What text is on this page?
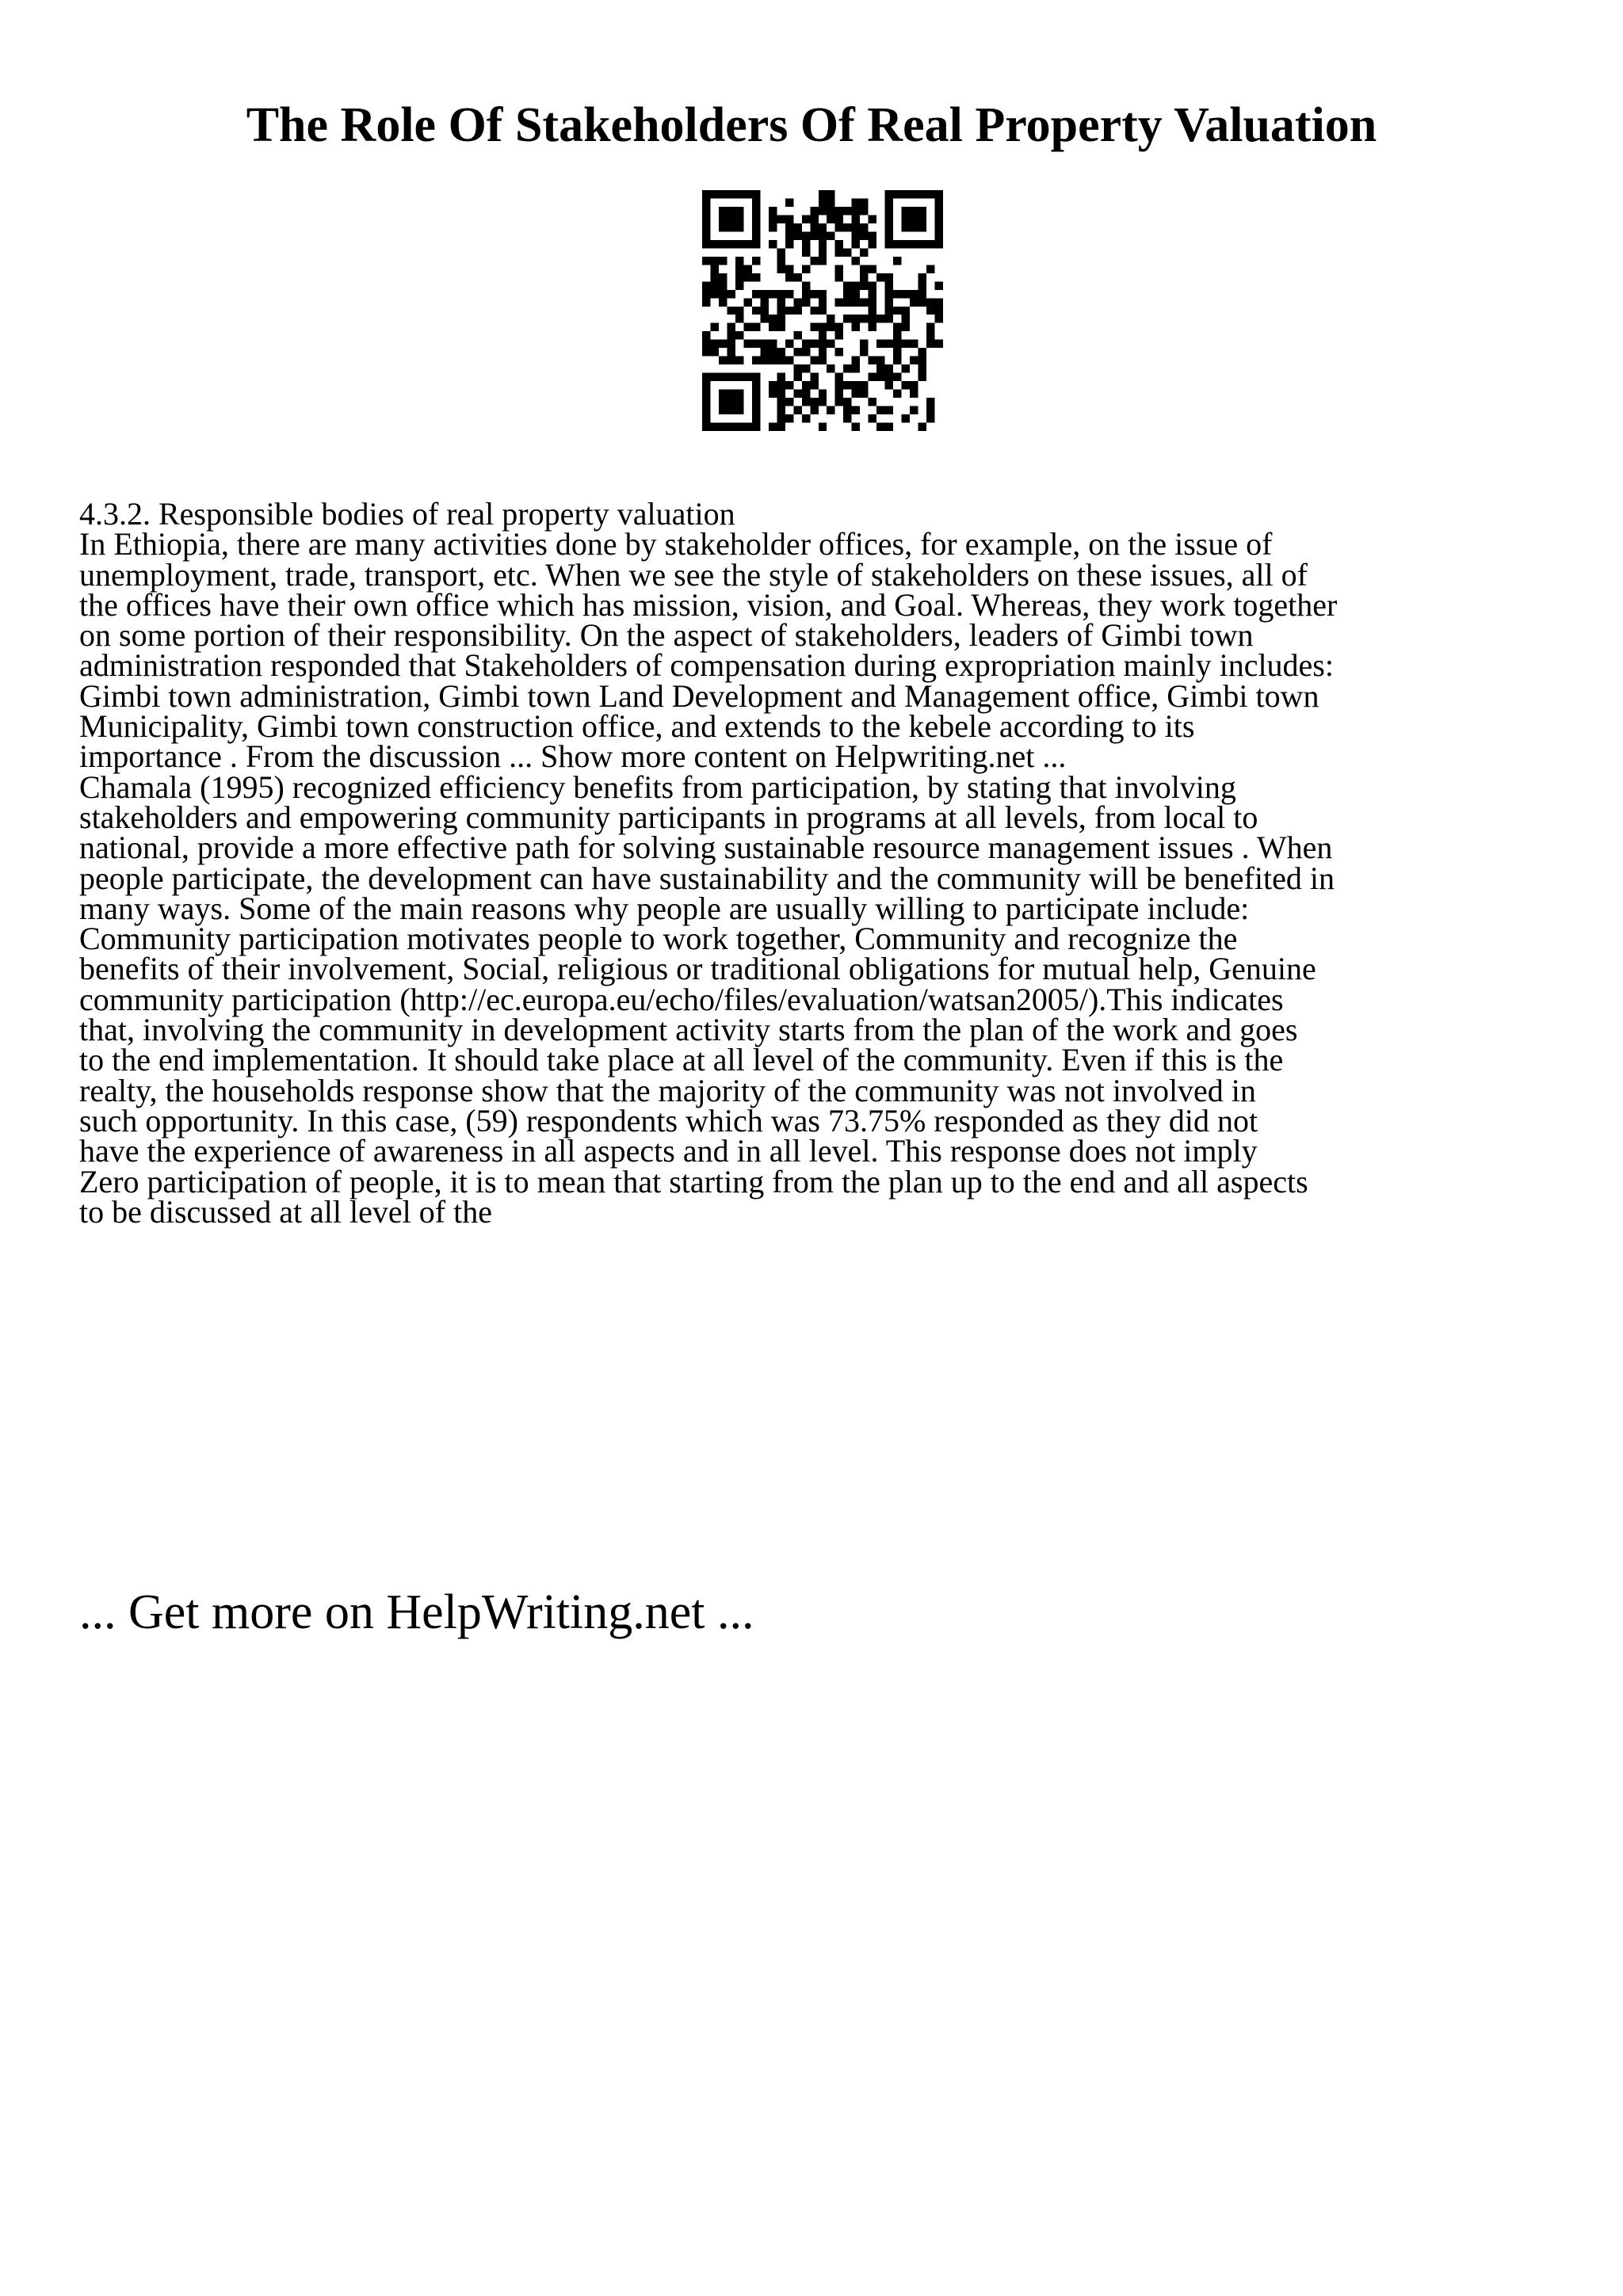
The Role Of Stakeholders Of Real Property Valuation

4.3.2. Responsible bodies of real property valuation
In Ethiopia, there are many activities done by stakeholder offices, for example, on the issue of
unemployment, trade, transport, etc. When we see the style of stakeholders on these issues, all of
the offices have their own office which has mission, vision, and Goal. Whereas, they work together
on some portion of their responsibility. On the aspect of stakeholders, leaders of Gimbi town
administration responded that Stakeholders of compensation during expropriation mainly includes:
Gimbi town administration, Gimbi town Land Development and Management office, Gimbi town
Municipality, Gimbi town construction office, and extends to the kebele according to its
importance . From the discussion ... Show more content on Helpwriting.net ...
Chamala (1995) recognized efficiency benefits from participation, by stating that involving
stakeholders and empowering community participants in programs at all levels, from local to
national, provide a more effective path for solving sustainable resource management issues . When
people participate, the development can have sustainability and the community will be benefited in
many ways. Some of the main reasons why people are usually willing to participate include:
Community participation motivates people to work together, Community and recognize the
benefits of their involvement, Social, religious or traditional obligations for mutual help, Genuine
community participation (http://ec.europa.eu/echo/files/evaluation/watsan2005/).This indicates
that, involving the community in development activity starts from the plan of the work and goes
to the end implementation. It should take place at all level of the community. Even if this is the
realty, the households response show that the majority of the community was not involved in
such opportunity. In this case, (59) respondents which was 73.75% responded as they did not
have the experience of awareness in all aspects and in all level. This response does not imply
Zero participation of people, it is to mean that starting from the plan up to the end and all aspects
to be discussed at all level of the

... Get more on HelpWriting.net ...
